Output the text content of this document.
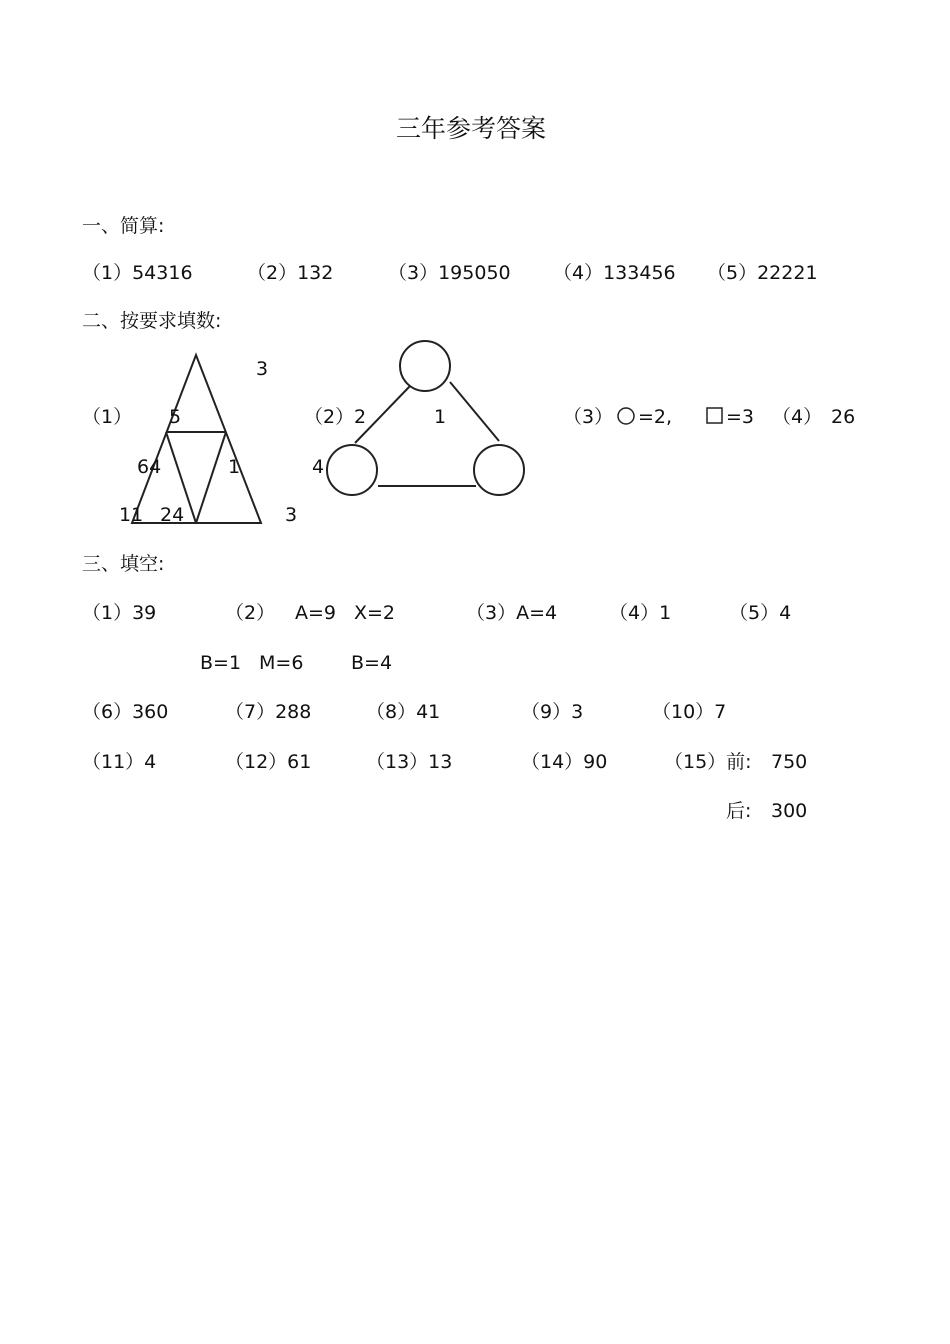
三年参考答案
一、简算:
（1）54316	（2）132	（3）195050 （4）133456 （5）22221
二、按要求填数:
（1）
3
5
64	1
11 24	3
（2） 2	1
4
（3） =2,	=3 （4） 26
三、填空:
（1）39	（2） A=9 X=2	（3）A=4	（4）1	（5）4
B=1 M=6	B=4
（6）360	（7）288	（8）41	（9）3	（10）7
（11）4	（12）61	（13）13	（14）90	（15）前: 750
后: 300
